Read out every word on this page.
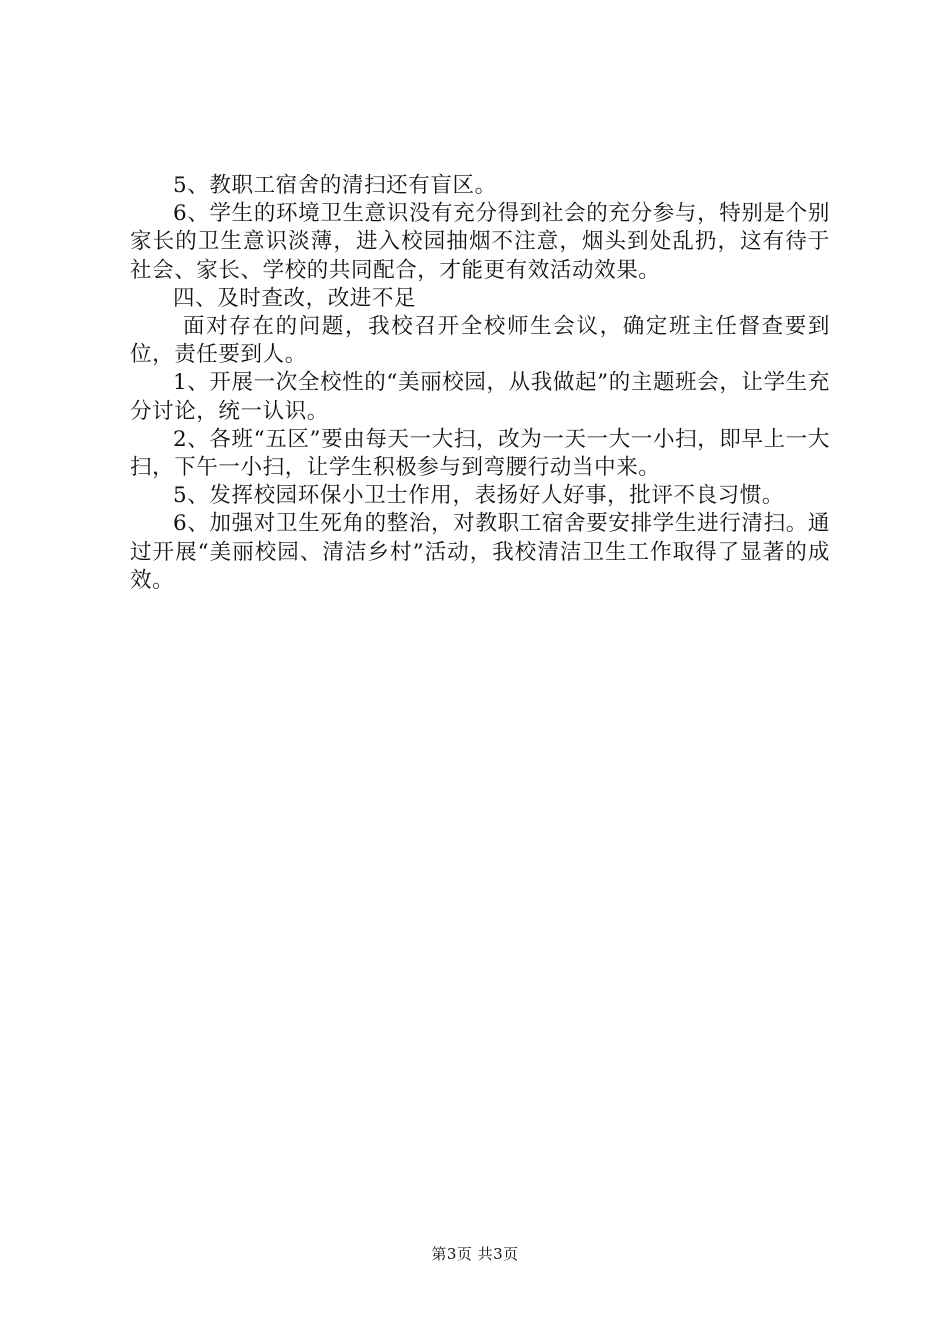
5、教职工宿舍的清扫还有盲区。

6、学生的环境卫生意识没有充分得到社会的充分参与，特别是个别家长的卫生意识淡薄，进入校园抽烟不注意，烟头到处乱扔，这有待于社会、家长、学校的共同配合，才能更有效活动效果。

四、及时查改，改进不足

面对存在的问题，我校召开全校师生会议，确定班主任督查要到位，责任要到人。

1、开展一次全校性的“美丽校园，从我做起”的主题班会，让学生充分讨论，统一认识。

2、各班“五区”要由每天一大扫，改为一天一大一小扫，即早上一大扫，下午一小扫，让学生积极参与到弯腰行动当中来。

5、发挥校园环保小卫士作用，表扬好人好事，批评不良习惯。

6、加强对卫生死角的整治，对教职工宿舍要安排学生进行清扫。通过开展“美丽校园、清洁乡村”活动，我校清洁卫生工作取得了显著的成效。

第3页 共3页
